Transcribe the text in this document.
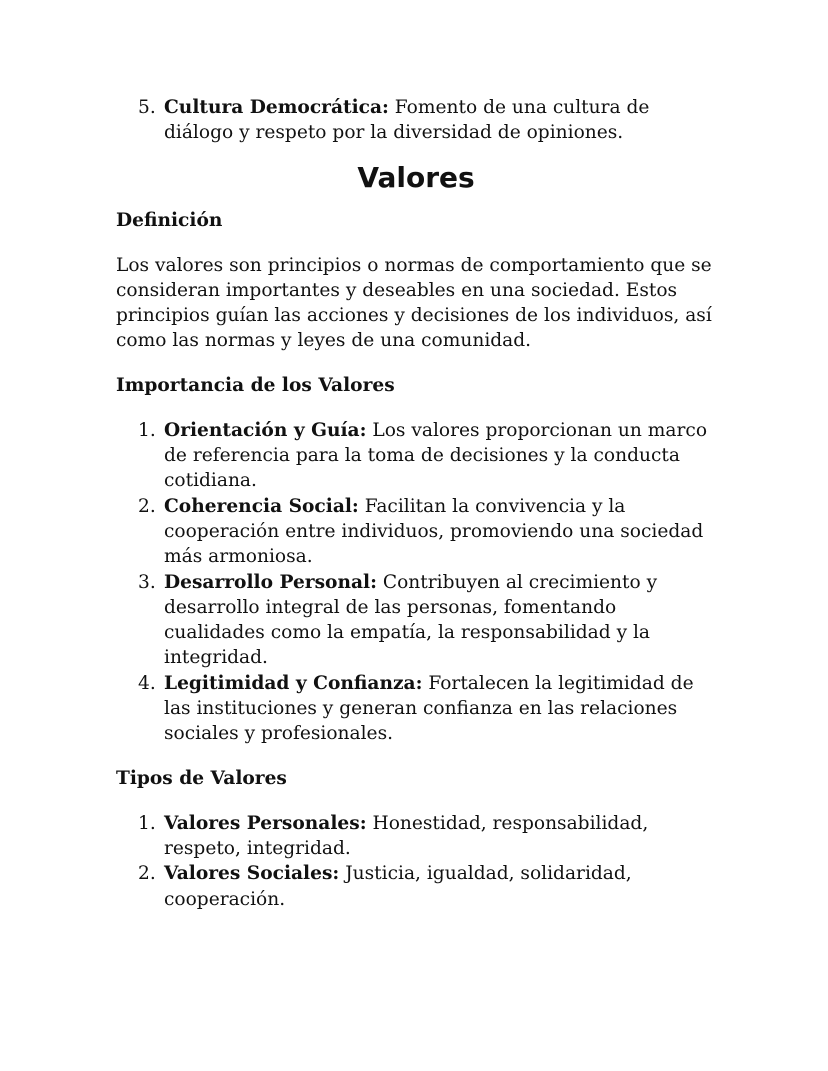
5. Cultura Democrática: Fomento de una cultura de diálogo y respeto por la diversidad de opiniones.
Valores
Definición

Los valores son principios o normas de comportamiento que se consideran importantes y deseables en una sociedad. Estos principios guían las acciones y decisiones de los individuos, así como las normas y leyes de una comunidad.

Importancia de los Valores
1. Orientación y Guía: Los valores proporcionan un marco de referencia para la toma de decisiones y la conducta cotidiana.
2. Coherencia Social: Facilitan la convivencia y la cooperación entre individuos, promoviendo una sociedad más armoniosa.
3. Desarrollo Personal: Contribuyen al crecimiento y desarrollo integral de las personas, fomentando cualidades como la empatía, la responsabilidad y la integridad.
4. Legitimidad y Confianza: Fortalecen la legitimidad de las instituciones y generan confianza en las relaciones sociales y profesionales.
Tipos de Valores
1. Valores Personales: Honestidad, responsabilidad, respeto, integridad.
2. Valores Sociales: Justicia, igualdad, solidaridad, cooperación.
